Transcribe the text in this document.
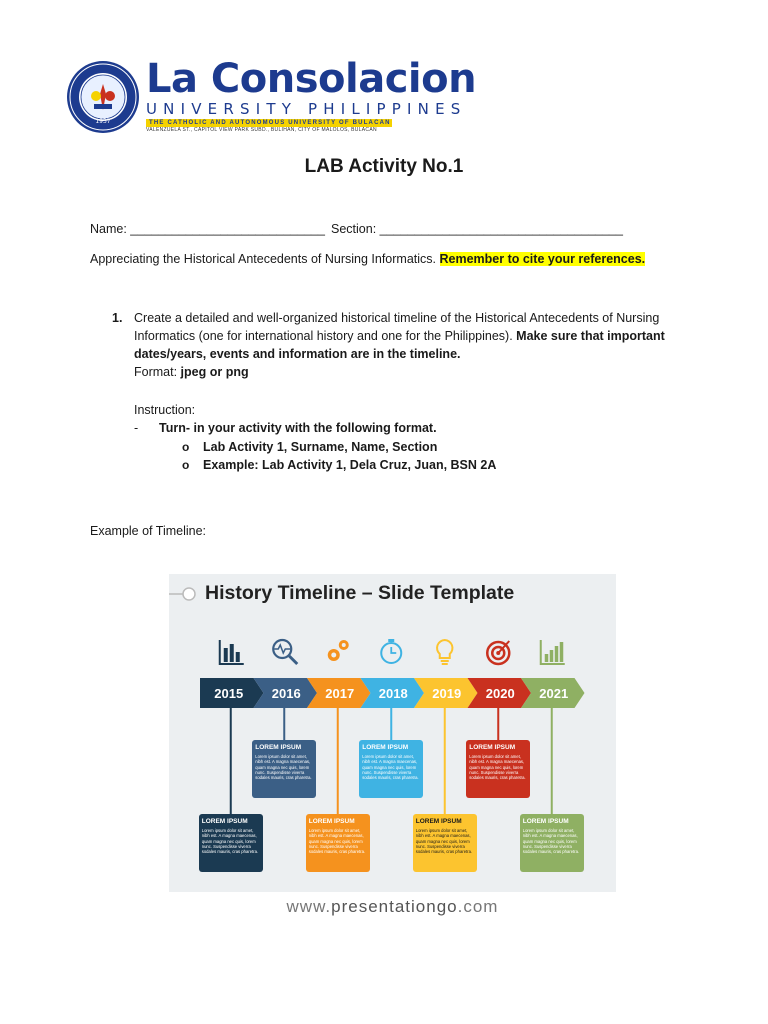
1937
La Consolacion
UNIVERSITY PHILIPPINES
THE CATHOLIC AND AUTONOMOUS UNIVERSITY OF BULACAN
VALENZUELA ST., CAPITOL VIEW PARK SUBD., BULIHAN, CITY OF MALOLOS, BULACAN
LAB Activity No.1
Name: ____________________________ Section: ___________________________________
Appreciating the Historical Antecedents of Nursing Informatics. Remember to cite your references.
1. Create a detailed and well-organized historical timeline of the Historical Antecedents of Nursing Informatics (one for international history and one for the Philippines). Make sure that important dates/years, events and information are in the timeline.
Format: jpeg or png
Instruction:
- Turn- in your activity with the following format.
o Lab Activity 1, Surname, Name, Section
o Example: Lab Activity 1, Dela Cruz, Juan, BSN 2A
Example of Timeline:
2015 2016 2017 2018 2019 2020 2021
History Timeline – Slide Template
LOREM IPSUM
Lorem ipsum dolor sit amet, nibh est. A magna maecenas, quam magna nec quis, lorem nunc. Suspendisse viverra sodales mauris, cras pharetra.
LOREM IPSUM
Lorem ipsum dolor sit amet, nibh est. A magna maecenas, quam magna nec quis, lorem nunc. Suspendisse viverra sodales mauris, cras pharetra.
LOREM IPSUM
Lorem ipsum dolor sit amet, nibh est. A magna maecenas, quam magna nec quis, lorem nunc. Suspendisse viverra sodales mauris, cras pharetra.
LOREM IPSUM
Lorem ipsum dolor sit amet, nibh est. A magna maecenas, quam magna nec quis, lorem nunc. Suspendisse viverra sodales mauris, cras pharetra.
LOREM IPSUM
Lorem ipsum dolor sit amet, nibh est. A magna maecenas, quam magna nec quis, lorem nunc. Suspendisse viverra sodales mauris, cras pharetra.
LOREM IPSUM
Lorem ipsum dolor sit amet, nibh est. A magna maecenas, quam magna nec quis, lorem nunc. Suspendisse viverra sodales mauris, cras pharetra.
LOREM IPSUM
Lorem ipsum dolor sit amet, nibh est. A magna maecenas, quam magna nec quis, lorem nunc. Suspendisse viverra sodales mauris, cras pharetra.
www.presentationgo.com
